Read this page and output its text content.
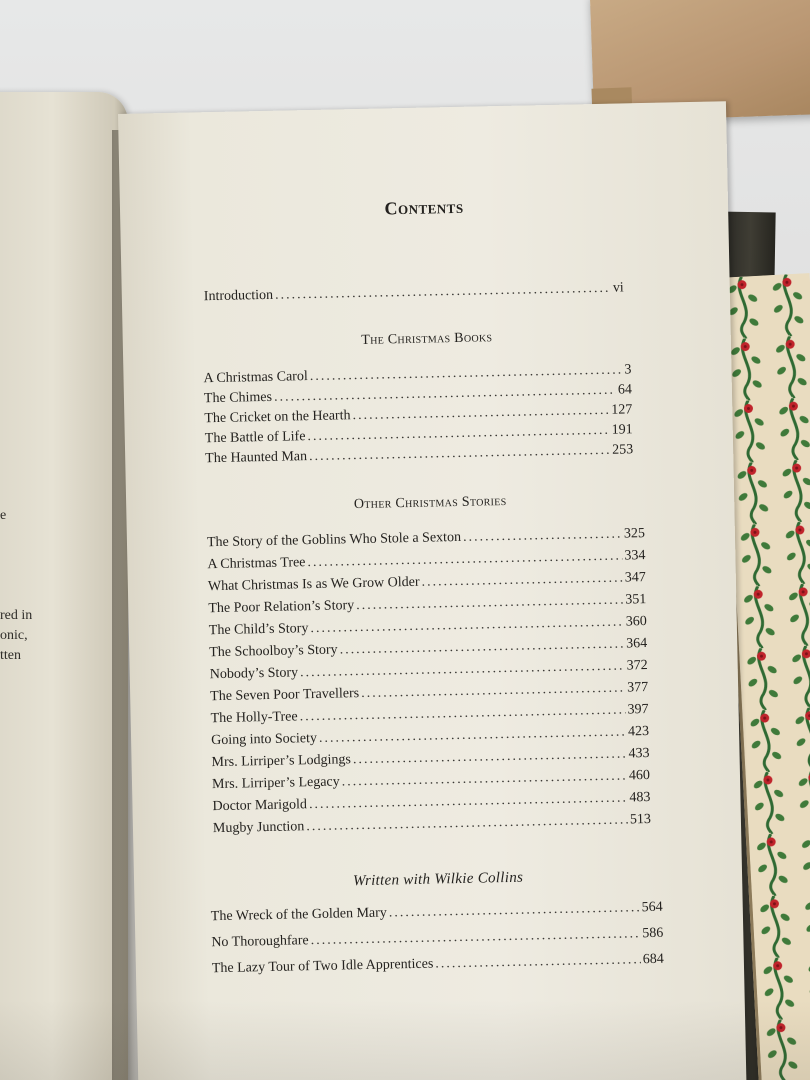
e
red in
onic,
tten
Contents
Introduction .....	vi
The Christmas Books
A Christmas Carol .....	3
The Chimes .....	64
The Cricket on the Hearth .....	127
The Battle of Life .....	191
The Haunted Man .....	253
Other Christmas Stories
The Story of the Goblins Who Stole a Sexton .....	325
A Christmas Tree .....	334
What Christmas Is as We Grow Older .....	347
The Poor Relation’s Story .....	351
The Child’s Story .....	360
The Schoolboy’s Story .....	364
Nobody’s Story .....	372
The Seven Poor Travellers .....	377
The Holly-Tree .....	397
Going into Society .....	423
Mrs. Lirriper’s Lodgings .....	433
Mrs. Lirriper’s Legacy .....	460
Doctor Marigold .....	483
Mugby Junction .....	513
Written with Wilkie Collins
The Wreck of the Golden Mary .....	564
No Thoroughfare .....	586
The Lazy Tour of Two Idle Apprentices .....	684
